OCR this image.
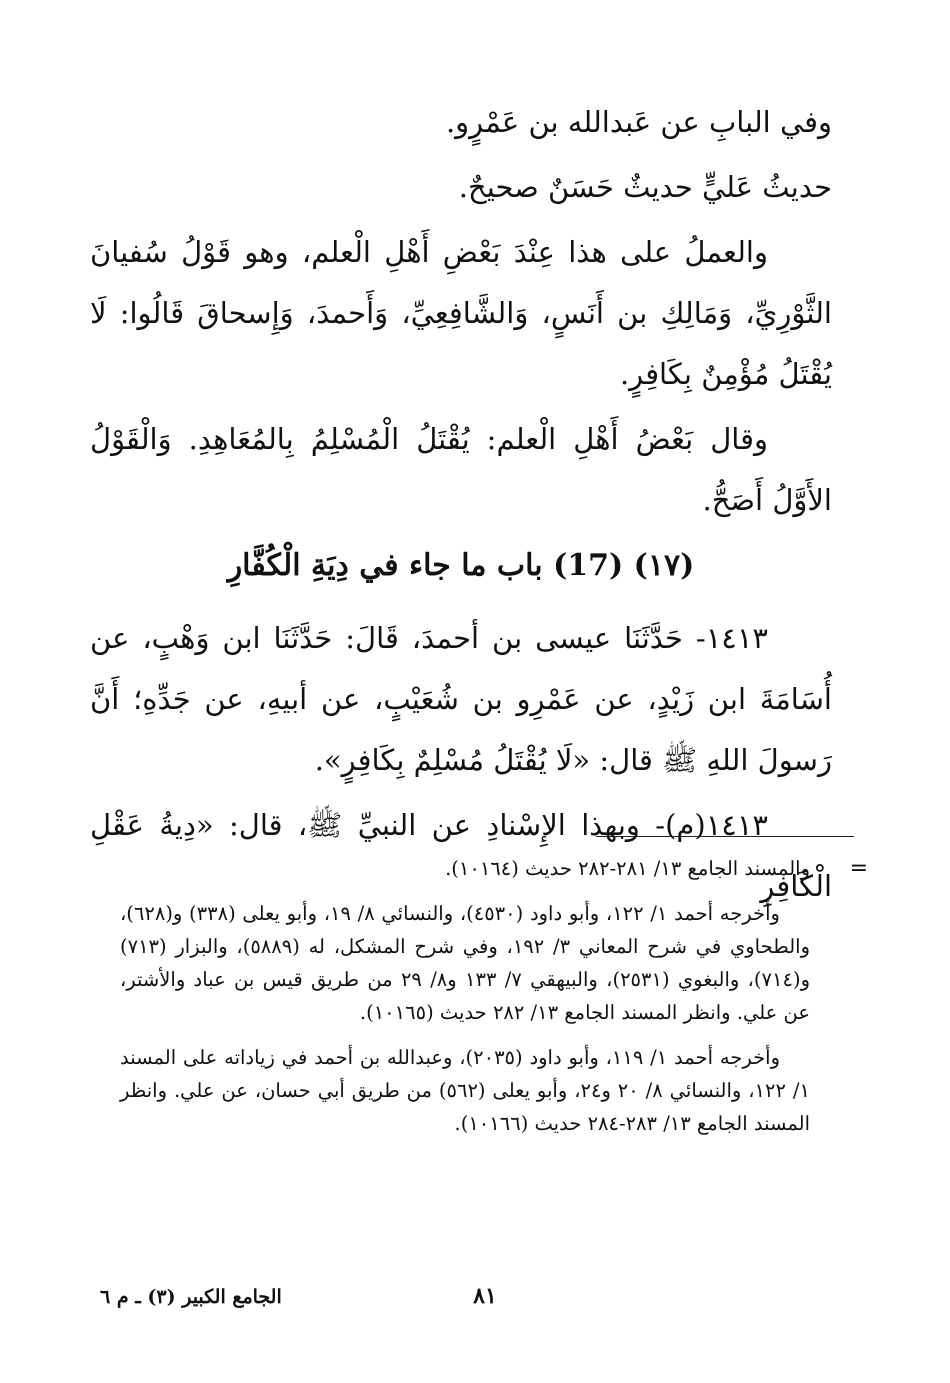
وفي البابِ عن عَبدالله بن عَمْرٍو.

حديثُ عَليٍّ حديثٌ حَسَنٌ صحيحٌ.

والعملُ على هذا عِنْدَ بَعْضِ أَهْلِ الْعلم، وهو قَوْلُ سُفيانَ الثَّوْرِيِّ، وَمَالِكِ بن أَنَسٍ، وَالشَّافِعِيِّ، وَأَحمدَ، وَإِسحاقَ قَالُوا: لَا يُقْتَلُ مُؤْمِنٌ بِكَافِرٍ.

وقال بَعْضُ أَهْلِ الْعلم: يُقْتَلُ الْمُسْلِمُ بِالمُعَاهِدِ. وَالْقَوْلُ الأَوَّلُ أَصَحُّ.

(١٧) (17) باب ما جاء في دِيَةِ الْكُفَّارِ

١٤١٣- حَدَّثَنَا عيسى بن أحمدَ، قَالَ: حَدَّثَنَا ابن وَهْبٍ، عن أُسَامَةَ ابن زَيْدٍ، عن عَمْرِو بن شُعَيْبٍ، عن أبيهِ، عن جَدِّهِ؛ أَنَّ رَسولَ اللهِ ﷺ قال: «لَا يُقْتَلُ مُسْلِمٌ بِكَافِرٍ».

١٤١٣(م)- وبهذا الإِسْنادِ عن النبيِّ ﷺ، قال: «دِيةُ عَقْلِ الْكَافِرِ

=

والمسند الجامع ١٣/ ٢٨١-٢٨٢ حديث (١٠١٦٤).

وأخرجه أحمد ١/ ١٢٢، وأبو داود (٤٥٣٠)، والنسائي ٨/ ١٩، وأبو يعلى (٣٣٨) و(٦٢٨)، والطحاوي في شرح المعاني ٣/ ١٩٢، وفي شرح المشكل، له (٥٨٨٩)، والبزار (٧١٣) و(٧١٤)، والبغوي (٢٥٣١)، والبيهقي ٧/ ١٣٣ و٨/ ٢٩ من طريق قيس بن عباد والأشتر، عن علي. وانظر المسند الجامع ١٣/ ٢٨٢ حديث (١٠١٦٥).

وأخرجه أحمد ١/ ١١٩، وأبو داود (٢٠٣٥)، وعبدالله بن أحمد في زياداته على المسند ١/ ١٢٢، والنسائي ٨/ ٢٠ و٢٤، وأبو يعلى (٥٦٢) من طريق أبي حسان، عن علي. وانظر المسند الجامع ١٣/ ٢٨٣-٢٨٤ حديث (١٠١٦٦).

٨١
الجامع الكبير (٣) ـ م ٦
